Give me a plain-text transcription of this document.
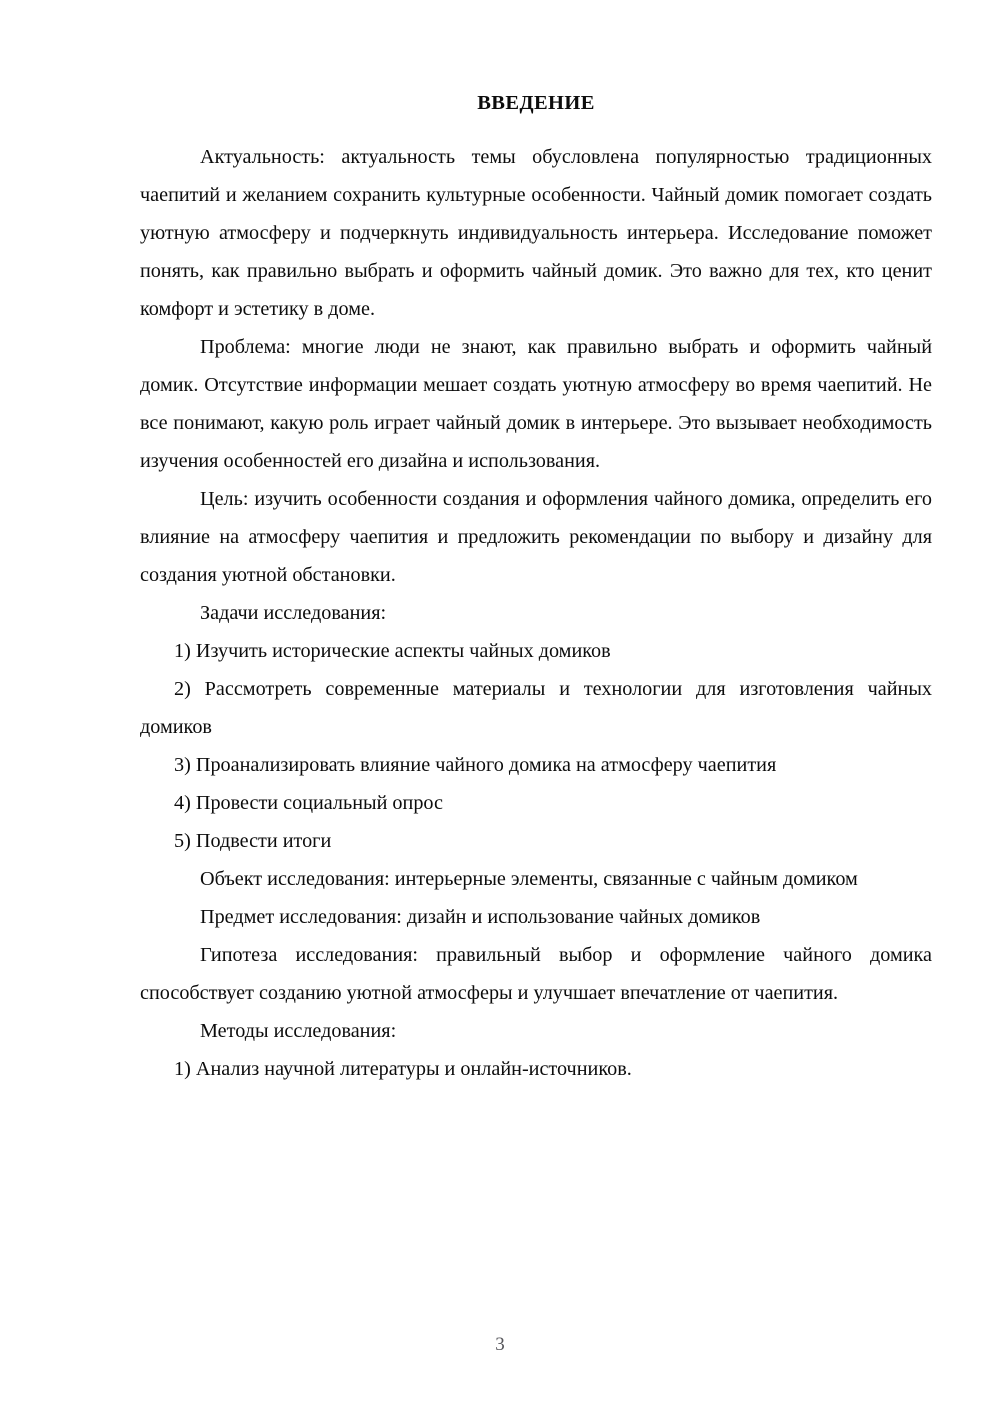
ВВЕДЕНИЕ

Актуальность: актуальность темы обусловлена популярностью традиционных чаепитий и желанием сохранить культурные особенности. Чайный домик помогает создать уютную атмосферу и подчеркнуть индивидуальность интерьера. Исследование поможет понять, как правильно выбрать и оформить чайный домик. Это важно для тех, кто ценит комфорт и эстетику в доме.

Проблема: многие люди не знают, как правильно выбрать и оформить чайный домик. Отсутствие информации мешает создать уютную атмосферу во время чаепитий. Не все понимают, какую роль играет чайный домик в интерьере. Это вызывает необходимость изучения особенностей его дизайна и использования.

Цель: изучить особенности создания и оформления чайного домика, определить его влияние на атмосферу чаепития и предложить рекомендации по выбору и дизайну для создания уютной обстановки.

Задачи исследования:

1) Изучить исторические аспекты чайных домиков

2) Рассмотреть современные материалы и технологии для изготовления чайных домиков

3) Проанализировать влияние чайного домика на атмосферу чаепития

4) Провести социальный опрос

5) Подвести итоги

Объект исследования: интерьерные элементы, связанные с чайным домиком

Предмет исследования: дизайн и использование чайных домиков

Гипотеза исследования: правильный выбор и оформление чайного домика способствует созданию уютной атмосферы и улучшает впечатление от чаепития.

Методы исследования:

1) Анализ научной литературы и онлайн-источников.

3
